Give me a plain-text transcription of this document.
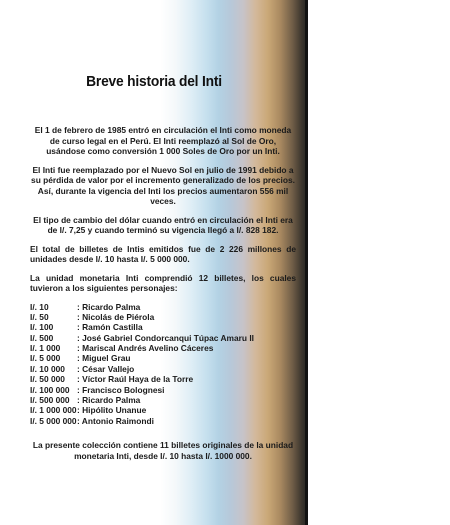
Breve historia del Inti

El 1 de febrero de 1985 entró en circulación el Inti como moneda de curso legal en el Perú. El Inti reemplazó al Sol de Oro, usándose como conversión 1 000 Soles de Oro por un Inti.

El Inti fue reemplazado por el Nuevo Sol en julio de 1991 debido a su pérdida de valor por el incremento generalizado de los precios. Así, durante la vigencia del Inti los precios aumentaron 556 mil veces.

El tipo de cambio del dólar cuando entró en circulación el Inti era de I/. 7,25 y cuando terminó su vigencia llegó a I/. 828 182.

El total de billetes de Intis emitidos fue de 2 226 millones de unidades desde I/. 10 hasta I/. 5 000 000.

La unidad monetaria Inti comprendió 12 billetes, los cuales tuvieron a los siguientes personajes:

I/. 10	: Ricardo Palma
I/. 50	: Nicolás de Piérola
I/. 100	: Ramón Castilla
I/. 500	: José Gabriel Condorcanqui Túpac Amaru II
I/. 1 000	: Mariscal Andrés Avelino Cáceres
I/. 5 000	: Miguel Grau
I/. 10 000	: César Vallejo
I/. 50 000	: Víctor Raúl Haya de la Torre
I/. 100 000 : Francisco Bolognesi
I/. 500 000 : Ricardo Palma
I/. 1 000 000 : Hipólito Unanue
I/. 5 000 000 : Antonio Raimondi

La presente colección contiene 11 billetes originales de la unidad monetaria Inti, desde I/. 10 hasta I/. 1000 000.
